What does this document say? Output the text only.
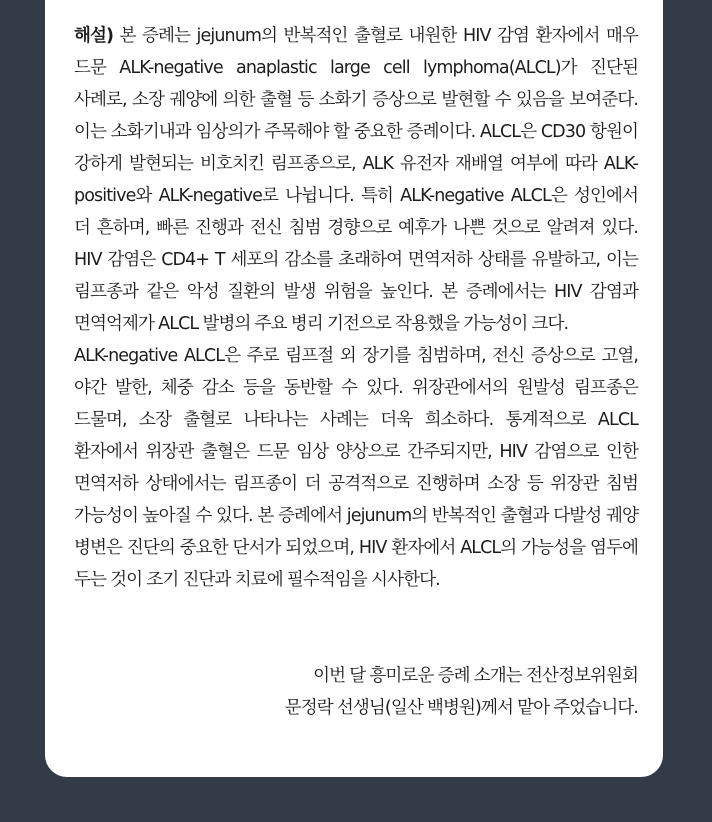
해설) 본 증례는 jejunum의 반복적인 출혈로 내원한 HIV 감염 환자에서 매우 드문 ALK-negative anaplastic large cell lymphoma(ALCL)가 진단된 사례로, 소장 궤양에 의한 출혈 등 소화기 증상으로 발현할 수 있음을 보여준다. 이는 소화기내과 임상의가 주목해야 할 중요한 증례이다. ALCL은 CD30 항원이 강하게 발현되는 비호치킨 림프종으로, ALK 유전자 재배열 여부에 따라 ALK-positive와 ALK-negative로 나뉩니다. 특히 ALK-negative ALCL은 성인에서 더 흔하며, 빠른 진행과 전신 침범 경향으로 예후가 나쁜 것으로 알려져 있다. HIV 감염은 CD4+ T 세포의 감소를 초래하여 면역저하 상태를 유발하고, 이는 림프종과 같은 악성 질환의 발생 위험을 높인다. 본 증례에서는 HIV 감염과 면역억제가 ALCL 발병의 주요 병리 기전으로 작용했을 가능성이 크다.

ALK-negative ALCL은 주로 림프절 외 장기를 침범하며, 전신 증상으로 고열, 야간 발한, 체중 감소 등을 동반할 수 있다. 위장관에서의 원발성 림프종은 드물며, 소장 출혈로 나타나는 사례는 더욱 희소하다. 통계적으로 ALCL 환자에서 위장관 출혈은 드문 임상 양상으로 간주되지만, HIV 감염으로 인한 면역저하 상태에서는 림프종이 더 공격적으로 진행하며 소장 등 위장관 침범 가능성이 높아질 수 있다. 본 증례에서 jejunum의 반복적인 출혈과 다발성 궤양 병변은 진단의 중요한 단서가 되었으며, HIV 환자에서 ALCL의 가능성을 염두에 두는 것이 조기 진단과 치료에 필수적임을 시사한다.

이번 달 흥미로운 증례 소개는 전산정보위원회

문정락 선생님(일산 백병원)께서 맡아 주었습니다.
